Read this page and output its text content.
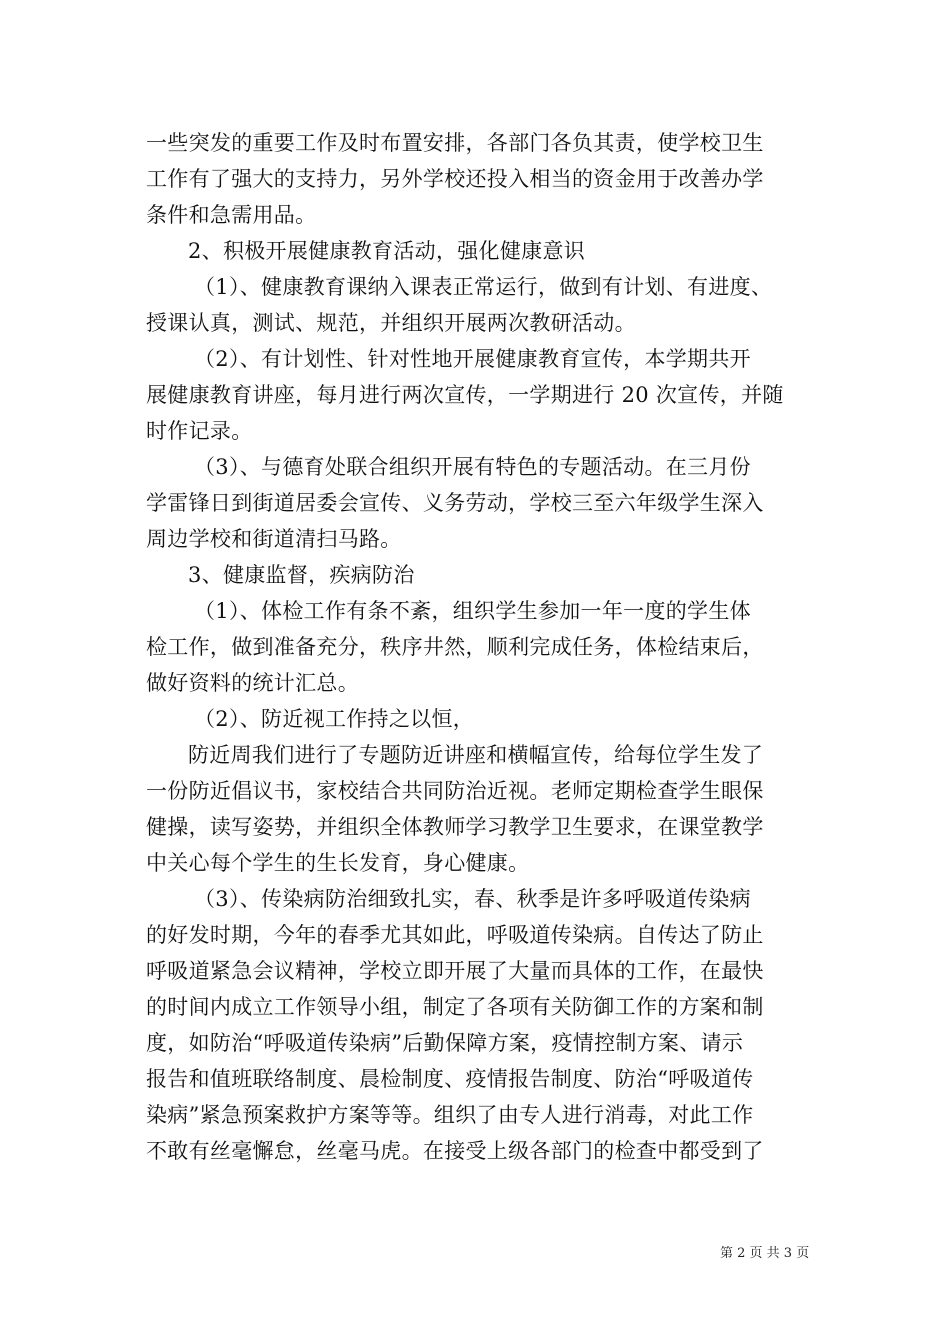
一些突发的重要工作及时布置安排，各部门各负其责，使学校卫生
工作有了强大的支持力，另外学校还投入相当的资金用于改善办学
条件和急需用品。
2、积极开展健康教育活动，强化健康意识
（1）、健康教育课纳入课表正常运行，做到有计划、有进度、
授课认真，测试、规范，并组织开展两次教研活动。
（2）、有计划性、针对性地开展健康教育宣传，本学期共开
展健康教育讲座，每月进行两次宣传，一学期进行 20 次宣传，并随
时作记录。
（3）、与德育处联合组织开展有特色的专题活动。在三月份
学雷锋日到街道居委会宣传、义务劳动，学校三至六年级学生深入
周边学校和街道清扫马路。
3、健康监督，疾病防治
（1）、体检工作有条不紊，组织学生参加一年一度的学生体
检工作，做到准备充分，秩序井然，顺利完成任务，体检结束后，
做好资料的统计汇总。
（2）、防近视工作持之以恒，
防近周我们进行了专题防近讲座和横幅宣传，给每位学生发了
一份防近倡议书，家校结合共同防治近视。老师定期检查学生眼保
健操，读写姿势，并组织全体教师学习教学卫生要求，在课堂教学
中关心每个学生的生长发育，身心健康。
（3）、传染病防治细致扎实，春、秋季是许多呼吸道传染病
的好发时期，今年的春季尤其如此，呼吸道传染病。自传达了防止
呼吸道紧急会议精神，学校立即开展了大量而具体的工作，在最快
的时间内成立工作领导小组，制定了各项有关防御工作的方案和制
度，如防治“呼吸道传染病”后勤保障方案，疫情控制方案、请示
报告和值班联络制度、晨检制度、疫情报告制度、防治“呼吸道传
染病”紧急预案救护方案等等。组织了由专人进行消毒，对此工作
不敢有丝毫懈怠，丝毫马虎。在接受上级各部门的检查中都受到了
第 2 页 共 3 页
